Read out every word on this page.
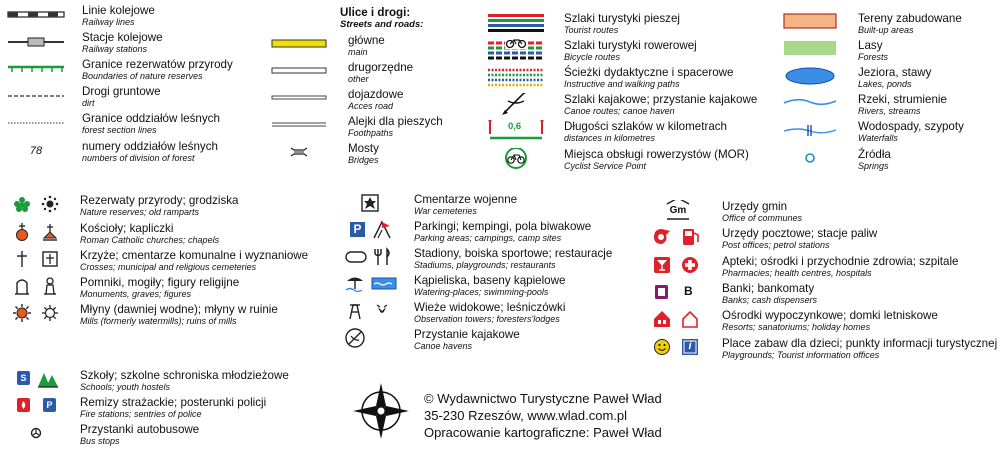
Linie kolejowe
Railway lines
Stacje kolejowe
Railway stations
Granice rezerwatów przyrody
Boundaries of nature reserves
Drogi gruntowe
dirt
Granice oddziałów leśnych
forest section lines
78	numery oddziałów leśnych
numbers of division of forest
Ulice i drogi:
Streets and roads:
główne
main
drugorzędne
other
dojazdowe
Acces road
Alejki dla pieszych
Foothpaths
Mosty
Bridges
Szlaki turystyki pieszej
Tourist routes
Szlaki turystyki rowerowej
Bicycle routes
Ścieżki dydaktyczne i spacerowe
Instructive and walking paths
Szlaki kajakowe; przystanie kajakowe
Canoe routes; canoe haven
0,6	Długości szlaków w kilometrach
distances in kilometres
Miejsca obsługi rowerzystów (MOR)
Cyclist Service Point
Tereny zabudowane
Built-up areas
Lasy
Forests
Jeziora, stawy
Lakes, ponds
Rzeki, strumienie
Rivers, streams
Wodospady, szypoty
Waterfalls
Źródła
Springs
Rezerwaty przyrody; grodziska
Nature reserves; old ramparts
Kościoły; kapliczki
Roman Catholic churches; chapels
Krzyże; cmentarze komunalne i wyznaniowe
Crosses; municipal and religious cemeteries
Pomniki, mogiły; figury religijne
Monuments, graves; figures
Młyny (dawniej wodne); młyny w ruinie
Mills (formerly watermills); ruins of mills
Cmentarze wojenne
War cemeteries
P	Parkingi; kempingi, pola biwakowe
Parking areas; campings, camp sites
Stadiony, boiska sportowe; restauracje
Stadiums, playgrounds; restaurants
Kąpieliska, baseny kąpielowe
Watering-places; swimming-pools
Wieże widokowe; leśniczówki
Observation towers; foresters'lodges
Przystanie kajakowe
Canoe havens
Gm	Urzędy gmin
Office of communes
Urzędy pocztowe; stacje paliw
Post offices; petrol stations
Apteki; ośrodki i przychodnie zdrowia; szpitale
Pharmacies; health centres, hospitals
B	Banki; bankomaty
Banks; cash dispensers
Ośrodki wypoczynkowe; domki letniskowe
Resorts; sanatoriums; holiday homes
i	Place zabaw dla dzieci; punkty informacji turystycznej
Playgrounds; Tourist information offices
S	Szkoły; szkolne schroniska młodzieżowe
Schools; youth hostels
P	Remizy strażackie; posterunki policji
Fire stations; sentries of police
Przystanki autobusowe
Bus stops
© Wydawnictwo Turystyczne Paweł Wład
35-230 Rzeszów, www.wlad.com.pl
Opracowanie kartograficzne: Paweł Wład
